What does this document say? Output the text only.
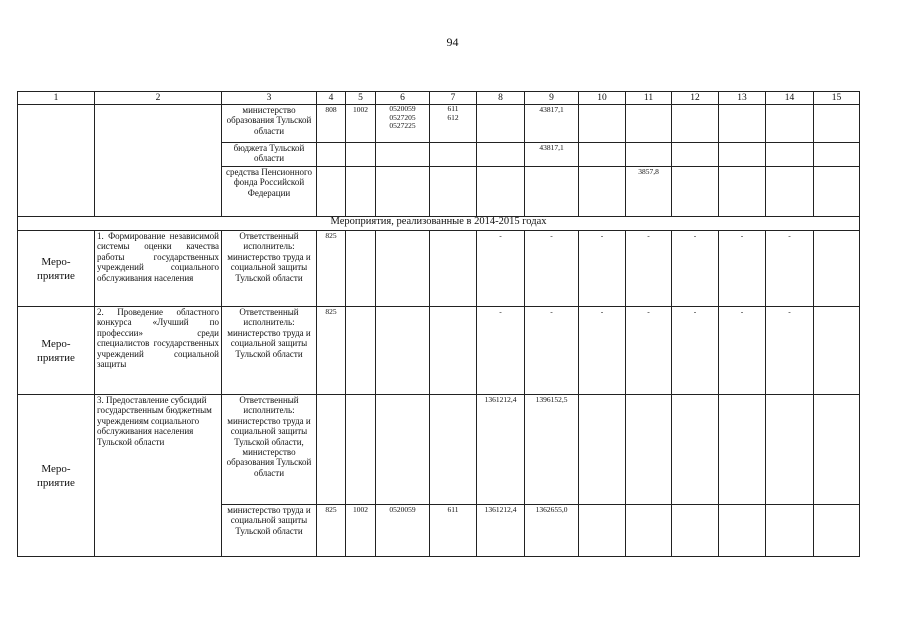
94
1	2	3	4	5	6	7	8	9	10	11	12	13	14	15
		министерство образования Тульской области	808	1002	0520059
0527205
0527225	611
612		43817,1						
		бюджета Тульской области						43817,1						
		средства Пенсионного фонда Российской Федерации								3857,8				
Мероприятия, реализованные в 2014-2015 годах														
Меро-
приятие	1. Формирование независимой системы оценки качества работы государственных учреждений социального обслуживания населения	Ответственный исполнитель: министерство труда и социальной защиты Тульской области	825				-	-	-	-	-	-	-	
Меро-
приятие	2. Проведение областного конкурса «Лучший по профессии» среди специалистов государственных учреждений социальной защиты	Ответственный исполнитель: министерство труда и социальной защиты Тульской области	825				-	-	-	-	-	-	-	
Меро-
приятие	3. Предоставление субсидий государственным бюджетным учреждениям социального обслуживания населения Тульской области	Ответственный исполнитель: министерство труда и социальной защиты Тульской области, министерство образования Тульской области					1361212,4	1396152,5						
		министерство труда и социальной защиты Тульской области	825	1002	0520059	611	1361212,4	1362655,0						
